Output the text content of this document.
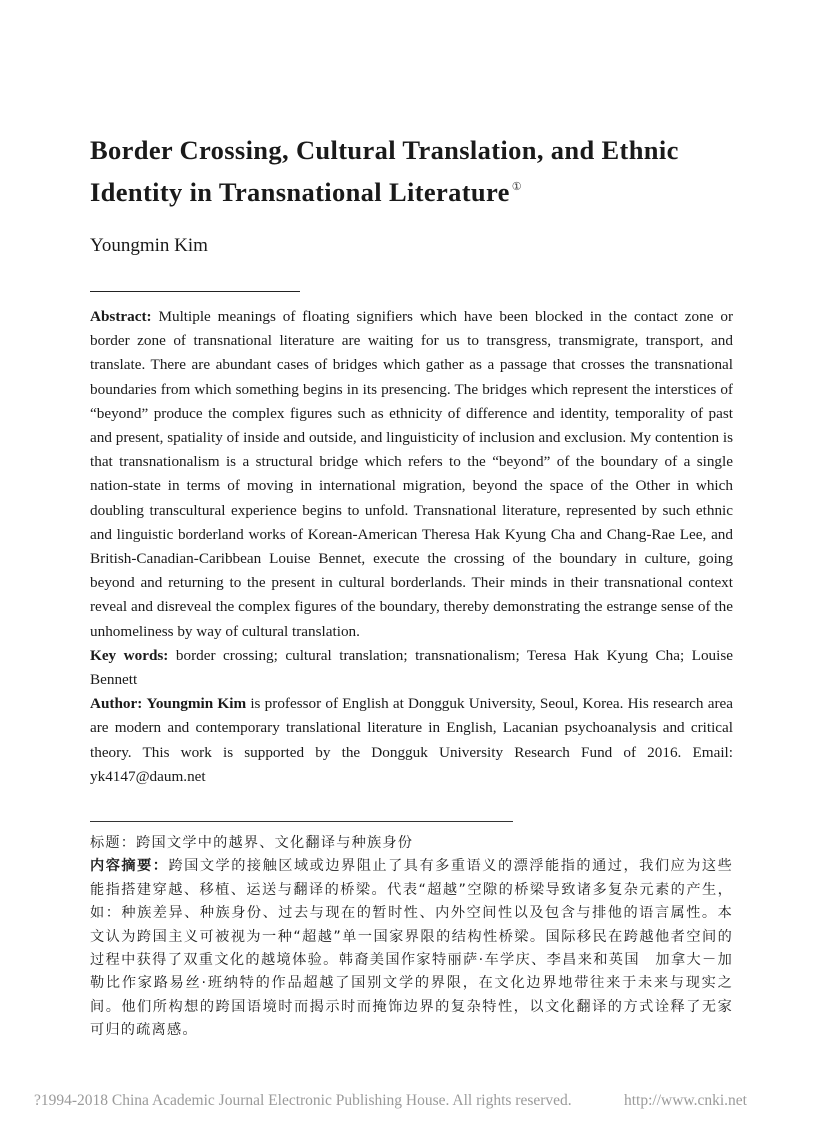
Border Crossing, Cultural Translation, and Ethnic Identity in Transnational Literature ①
Youngmin Kim

Abstract: Multiple meanings of floating signifiers which have been blocked in the contact zone or border zone of transnational literature are waiting for us to transgress, transmigrate, transport, and translate. There are abundant cases of bridges which gather as a passage that crosses the transnational boundaries from which something begins in its presencing. The bridges which represent the interstices of “beyond” produce the complex figures such as ethnicity of difference and identity, temporality of past and present, spatiality of inside and outside, and linguisticity of inclusion and exclusion. My contention is that transnationalism is a structural bridge which refers to the “beyond” of the boundary of a single nation-state in terms of moving in international migration, beyond the space of the Other in which doubling transcultural experience begins to unfold. Transnational literature, represented by such ethnic and linguistic borderland works of Korean-American Theresa Hak Kyung Cha and Chang-Rae Lee, and British-Canadian-Caribbean Louise Bennet, execute the crossing of the boundary in culture, going beyond and returning to the present in cultural borderlands. Their minds in their transnational context reveal and disreveal the complex figures of the boundary, thereby demonstrating the estrange sense of the unhomeliness by way of cultural translation.

Key words: border crossing; cultural translation; transnationalism; Teresa Hak Kyung Cha; Louise Bennett

Author: Youngmin Kim is professor of English at Dongguk University, Seoul, Korea. His research area are modern and contemporary translational literature in English, Lacanian psychoanalysis and critical theory. This work is supported by the Dongguk University Research Fund of 2016. Email: yk4147@daum.net

标题：跨国文学中的越界、文化翻译与种族身份

内容摘要：跨国文学的接触区域或边界阻止了具有多重语义的漂浮能指的通过，我们应为这些能指搭建穿越、移植、运送与翻译的桥梁。代表“超越”空隙的桥梁导致诸多复杂元素的产生，如：种族差异、种族身份、过去与现在的暂时性、内外空间性以及包含与排他的语言属性。本文认为跨国主义可被视为一种“超越”单一国家界限的结构性桥梁。国际移民在跨越他者空间的过程中获得了双重文化的越境体验。韩裔美国作家特丽萨·车学庆、李昌来和英国　加拿大－加勒比作家路易丝·班纳特的作品超越了国别文学的界限，在文化边界地带往来于未来与现实之间。他们所构想的跨国语境时而揭示时而掩饰边界的复杂特性，以文化翻译的方式诠释了无家可归的疏离感。

?1994-2018 China Academic Journal Electronic Publishing House. All rights reserved.	http://www.cnki.net
